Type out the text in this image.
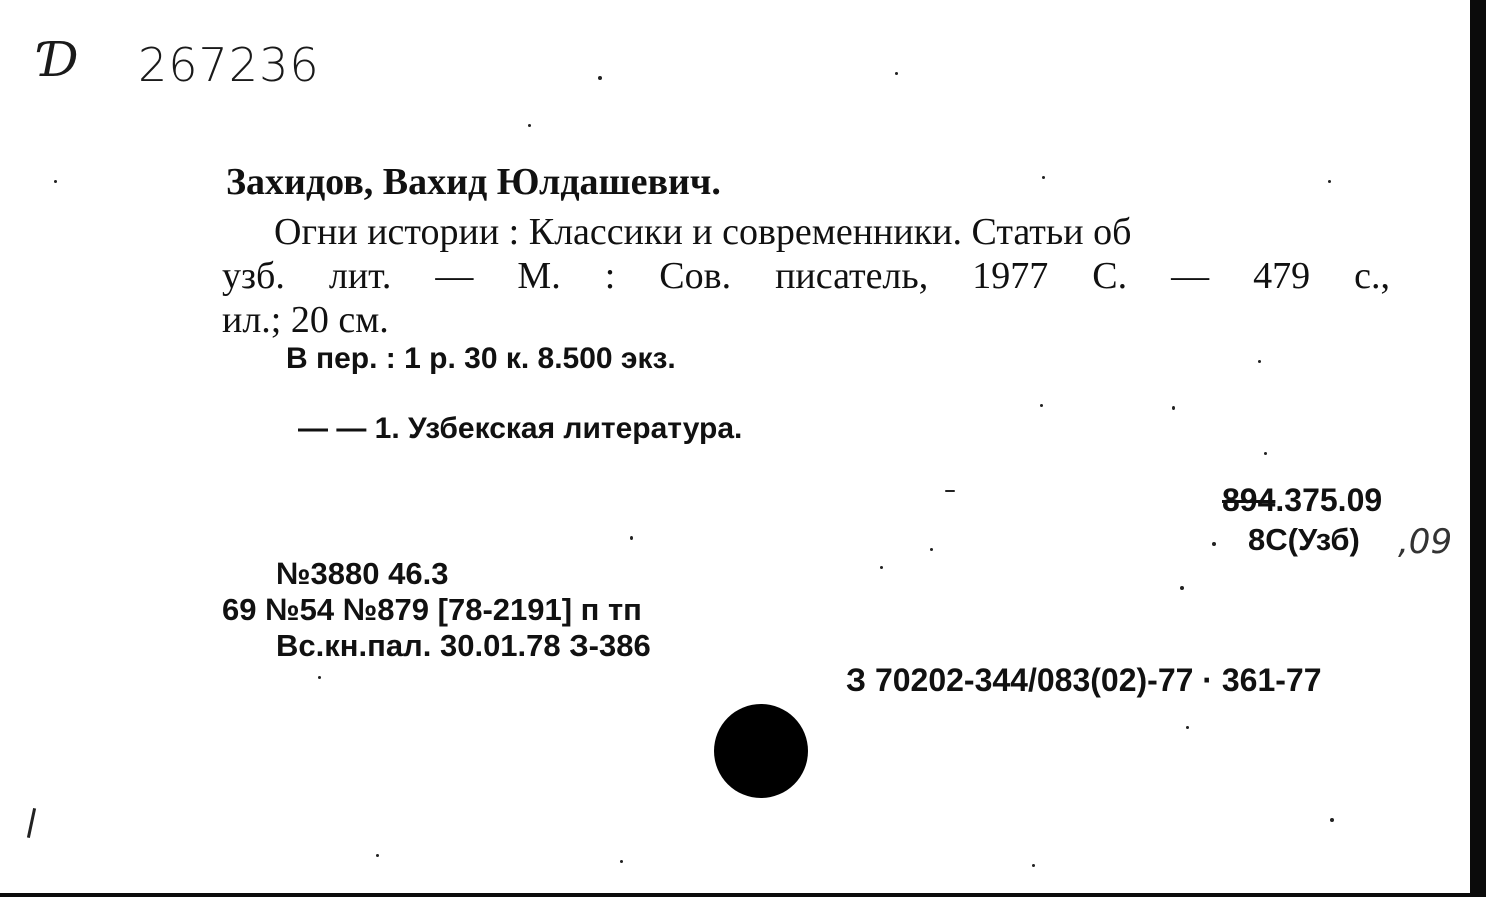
Ɗ 267236
Захидов, Вахид Юлдашевич.
Огни истории : Классики и современники. Статьи об
узб. лит. — М. : Сов. писатель, 1977 С. — 479 с.,
ил.; 20 см.
В пер. : 1 р. 30 к. 8.500 экз.
— — 1. Узбекская литература.
894.375.09
8С(Узб) ,09
№3880 46.3
69 №54 №879 [78-2191] п тп
Вс.кн.пал. 30.01.78 З-386
З 70202-344/083(02)-77 · 361-77
